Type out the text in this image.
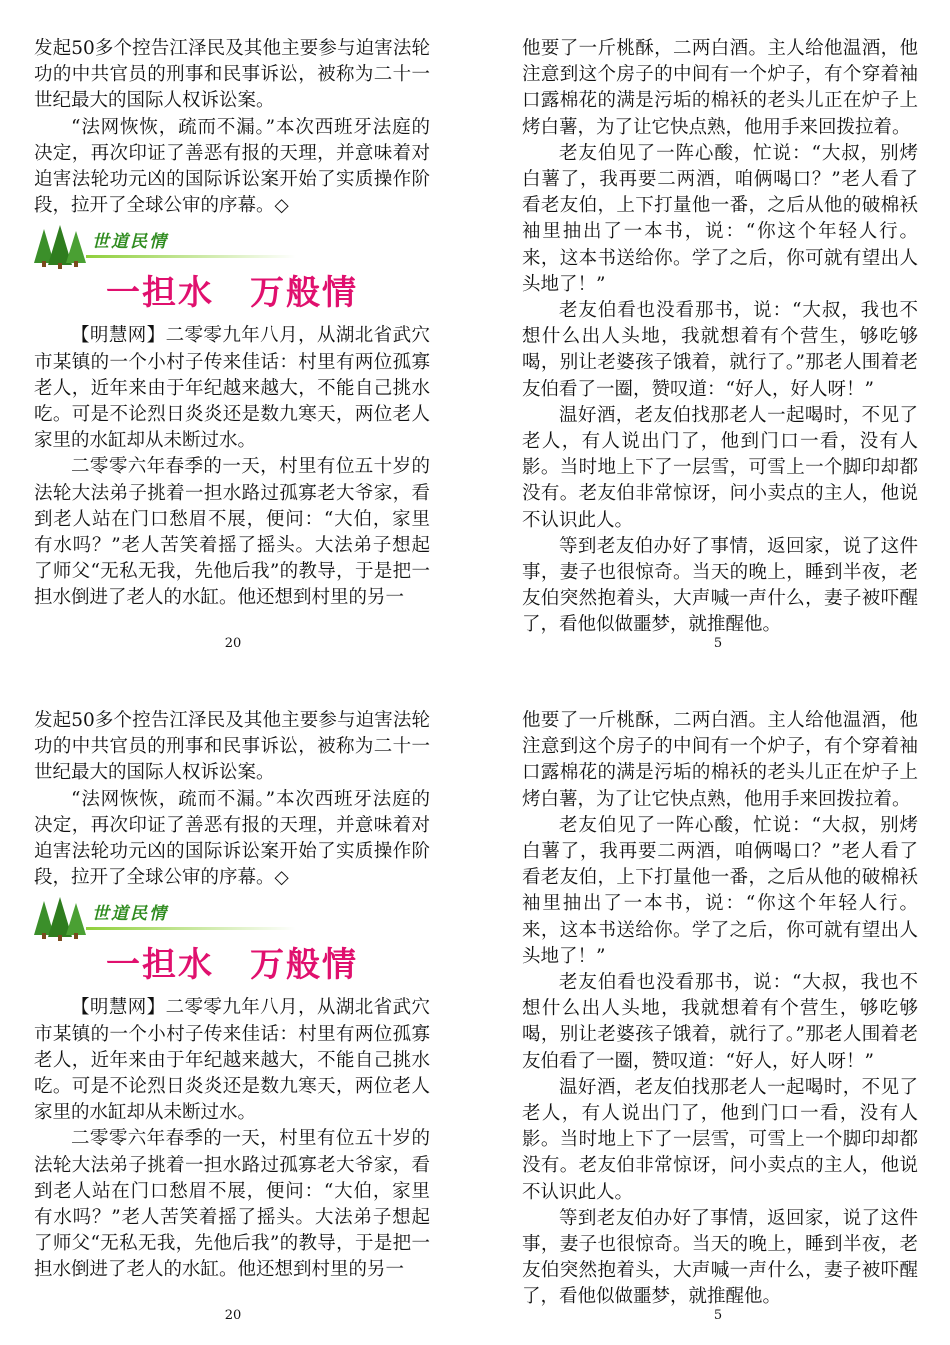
发起50多个控告江泽民及其他主要参与迫害法轮功的中共官员的刑事和民事诉讼，被称为二十一世纪最大的国际人权诉讼案。

“法网恢恢，疏而不漏。”本次西班牙法庭的决定，再次印证了善恶有报的天理，并意味着对迫害法轮功元凶的国际诉讼案开始了实质操作阶段，拉开了全球公审的序幕。◇

世道民情
一担水　万般情

【明慧网】二零零九年八月，从湖北省武穴市某镇的一个小村子传来佳话：村里有两位孤寡老人，近年来由于年纪越来越大，不能自己挑水吃。可是不论烈日炎炎还是数九寒天，两位老人家里的水缸却从未断过水。

二零零六年春季的一天，村里有位五十岁的法轮大法弟子挑着一担水路过孤寡老大爷家，看到老人站在门口愁眉不展，便问：“大伯，家里有水吗？”老人苦笑着摇了摇头。大法弟子想起了师父“无私无我，先他后我”的教导，于是把一担水倒进了老人的水缸。他还想到村里的另一

他要了一斤桃酥，二两白酒。主人给他温酒，他注意到这个房子的中间有一个炉子，有个穿着袖口露棉花的满是污垢的棉袄的老头儿正在炉子上烤白薯，为了让它快点熟，他用手来回拨拉着。

老友伯见了一阵心酸，忙说：“大叔，别烤白薯了，我再要二两酒，咱俩喝口？”老人看了看老友伯，上下打量他一番，之后从他的破棉袄袖里抽出了一本书，说：“你这个年轻人行。来，这本书送给你。学了之后，你可就有望出人头地了！”

老友伯看也没看那书，说：“大叔，我也不想什么出人头地，我就想着有个营生，够吃够喝，别让老婆孩子饿着，就行了。”那老人围着老友伯看了一圈，赞叹道：“好人，好人呀！”

温好酒，老友伯找那老人一起喝时，不见了老人，有人说出门了，他到门口一看，没有人影。当时地上下了一层雪，可雪上一个脚印却都没有。老友伯非常惊讶，问小卖点的主人，他说不认识此人。

等到老友伯办好了事情，返回家，说了这件事，妻子也很惊奇。当天的晚上，睡到半夜，老友伯突然抱着头，大声喊一声什么，妻子被吓醒了，看他似做噩梦，就推醒他。

20	5

发起50多个控告江泽民及其他主要参与迫害法轮功的中共官员的刑事和民事诉讼，被称为二十一世纪最大的国际人权诉讼案。

“法网恢恢，疏而不漏。”本次西班牙法庭的决定，再次印证了善恶有报的天理，并意味着对迫害法轮功元凶的国际诉讼案开始了实质操作阶段，拉开了全球公审的序幕。◇

世道民情
一担水　万般情

【明慧网】二零零九年八月，从湖北省武穴市某镇的一个小村子传来佳话：村里有两位孤寡老人，近年来由于年纪越来越大，不能自己挑水吃。可是不论烈日炎炎还是数九寒天，两位老人家里的水缸却从未断过水。

二零零六年春季的一天，村里有位五十岁的法轮大法弟子挑着一担水路过孤寡老大爷家，看到老人站在门口愁眉不展，便问：“大伯，家里有水吗？”老人苦笑着摇了摇头。大法弟子想起了师父“无私无我，先他后我”的教导，于是把一担水倒进了老人的水缸。他还想到村里的另一

他要了一斤桃酥，二两白酒。主人给他温酒，他注意到这个房子的中间有一个炉子，有个穿着袖口露棉花的满是污垢的棉袄的老头儿正在炉子上烤白薯，为了让它快点熟，他用手来回拨拉着。

老友伯见了一阵心酸，忙说：“大叔，别烤白薯了，我再要二两酒，咱俩喝口？”老人看了看老友伯，上下打量他一番，之后从他的破棉袄袖里抽出了一本书，说：“你这个年轻人行。来，这本书送给你。学了之后，你可就有望出人头地了！”

老友伯看也没看那书，说：“大叔，我也不想什么出人头地，我就想着有个营生，够吃够喝，别让老婆孩子饿着，就行了。”那老人围着老友伯看了一圈，赞叹道：“好人，好人呀！”

温好酒，老友伯找那老人一起喝时，不见了老人，有人说出门了，他到门口一看，没有人影。当时地上下了一层雪，可雪上一个脚印却都没有。老友伯非常惊讶，问小卖点的主人，他说不认识此人。

等到老友伯办好了事情，返回家，说了这件事，妻子也很惊奇。当天的晚上，睡到半夜，老友伯突然抱着头，大声喊一声什么，妻子被吓醒了，看他似做噩梦，就推醒他。

20	5
